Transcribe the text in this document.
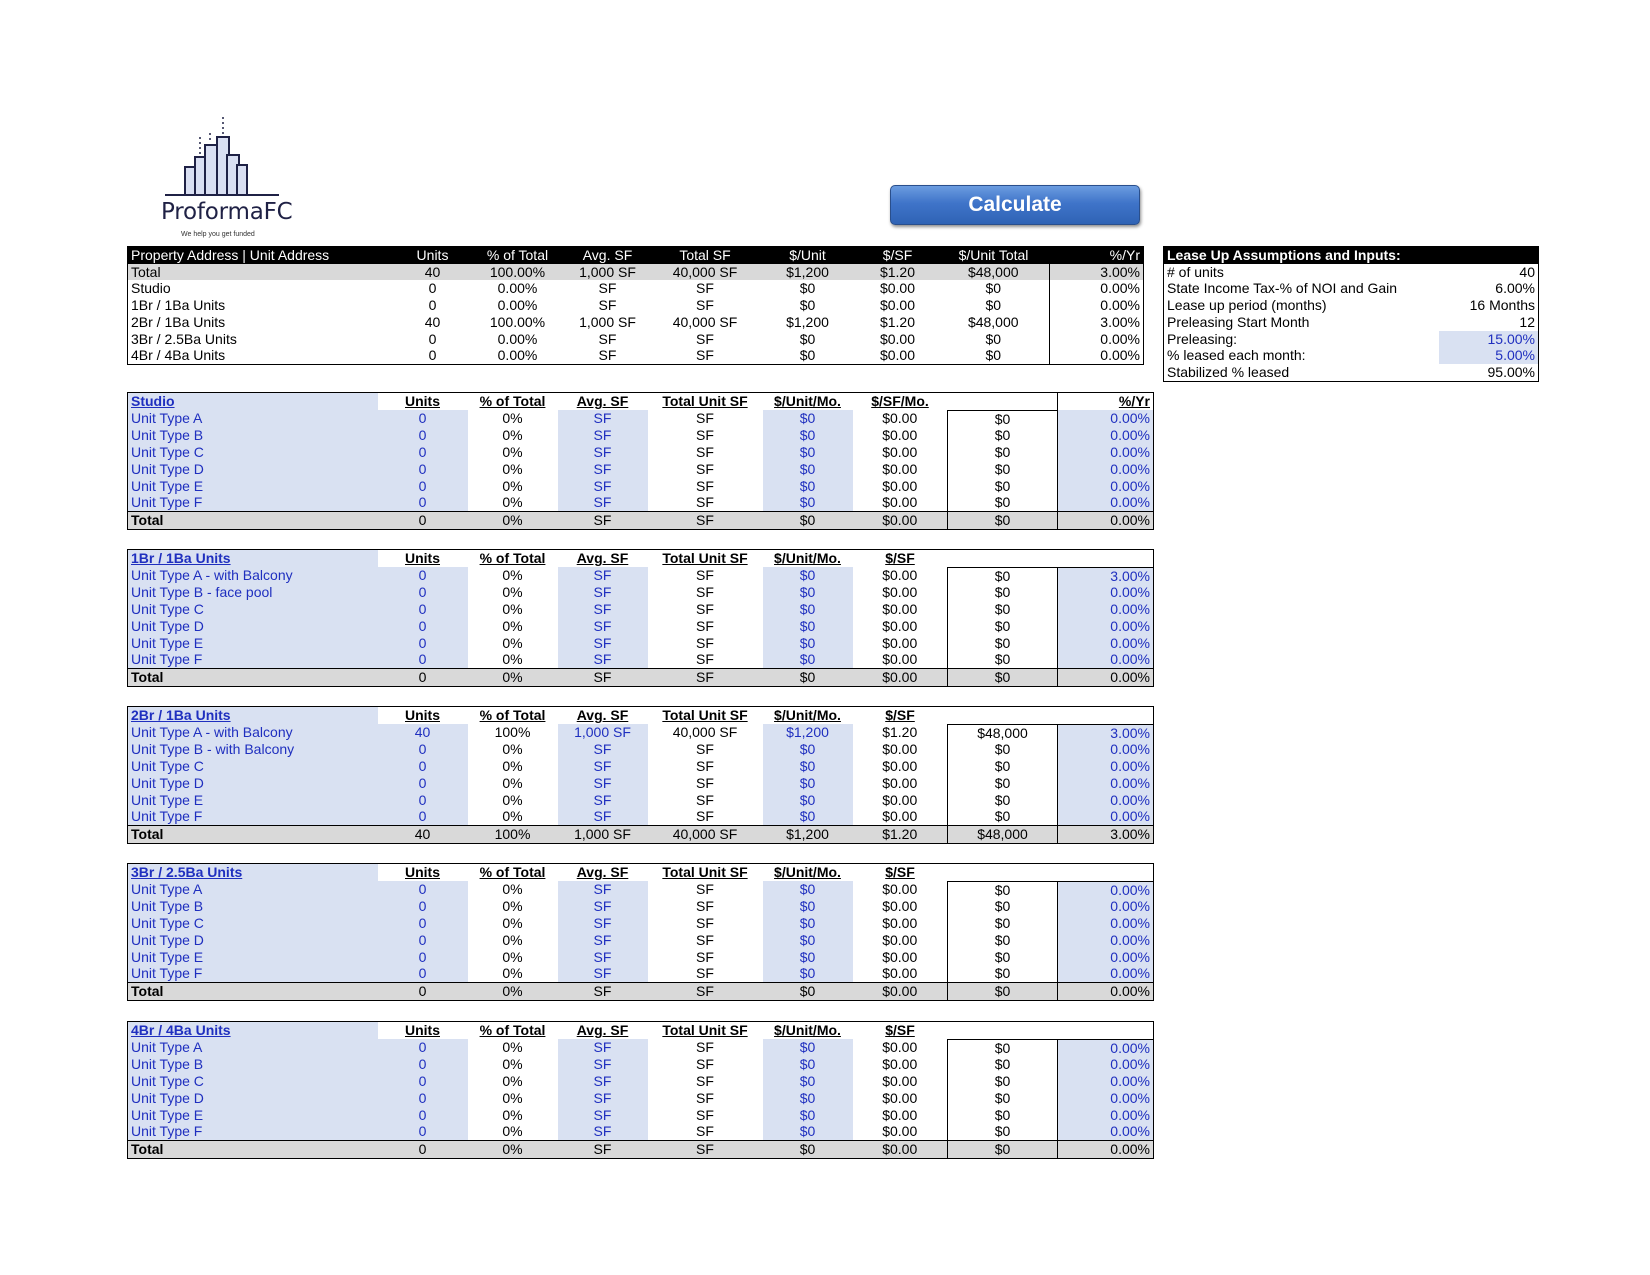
ProformaFC
We help you get funded
Calculate
Property Address | Unit Address	Units	% of Total	Avg. SF	Total SF	$/Unit	$/SF	$/Unit Total	%/Yr
Total	40	100.00%	1,000 SF	40,000 SF	$1,200	$1.20	$48,000	3.00%
Studio	0	0.00%	SF	SF	$0	$0.00	$0	0.00%
1Br / 1Ba Units	0	0.00%	SF	SF	$0	$0.00	$0	0.00%
2Br / 1Ba Units	40	100.00%	1,000 SF	40,000 SF	$1,200	$1.20	$48,000	3.00%
3Br / 2.5Ba Units	0	0.00%	SF	SF	$0	$0.00	$0	0.00%
4Br / 4Ba Units	0	0.00%	SF	SF	$0	$0.00	$0	0.00%
Lease Up Assumptions and Inputs:	
# of units	40
State Income Tax-% of NOI and Gain	6.00%
Lease up period (months)	16 Months
Preleasing Start Month	12
Preleasing:	15.00%
% leased each month:	5.00%
Stabilized % leased	95.00%
Studio	Units	% of Total	Avg. SF	Total Unit SF	$/Unit/Mo.	$/SF/Mo.		%/Yr
Unit Type A	0	0%	SF	SF	$0	$0.00	$0	0.00%
Unit Type B	0	0%	SF	SF	$0	$0.00	$0	0.00%
Unit Type C	0	0%	SF	SF	$0	$0.00	$0	0.00%
Unit Type D	0	0%	SF	SF	$0	$0.00	$0	0.00%
Unit Type E	0	0%	SF	SF	$0	$0.00	$0	0.00%
Unit Type F	0	0%	SF	SF	$0	$0.00	$0	0.00%
Total	0	0%	SF	SF	$0	$0.00	$0	0.00%
1Br / 1Ba Units	Units	% of Total	Avg. SF	Total Unit SF	$/Unit/Mo.	$/SF		
Unit Type A - with Balcony	0	0%	SF	SF	$0	$0.00	$0	3.00%
Unit Type B - face pool	0	0%	SF	SF	$0	$0.00	$0	0.00%
Unit Type C	0	0%	SF	SF	$0	$0.00	$0	0.00%
Unit Type D	0	0%	SF	SF	$0	$0.00	$0	0.00%
Unit Type E	0	0%	SF	SF	$0	$0.00	$0	0.00%
Unit Type F	0	0%	SF	SF	$0	$0.00	$0	0.00%
Total	0	0%	SF	SF	$0	$0.00	$0	0.00%
2Br / 1Ba Units	Units	% of Total	Avg. SF	Total Unit SF	$/Unit/Mo.	$/SF		
Unit Type A - with Balcony	40	100%	1,000 SF	40,000 SF	$1,200	$1.20	$48,000	3.00%
Unit Type B - with Balcony	0	0%	SF	SF	$0	$0.00	$0	0.00%
Unit Type C	0	0%	SF	SF	$0	$0.00	$0	0.00%
Unit Type D	0	0%	SF	SF	$0	$0.00	$0	0.00%
Unit Type E	0	0%	SF	SF	$0	$0.00	$0	0.00%
Unit Type F	0	0%	SF	SF	$0	$0.00	$0	0.00%
Total	40	100%	1,000 SF	40,000 SF	$1,200	$1.20	$48,000	3.00%
3Br / 2.5Ba Units	Units	% of Total	Avg. SF	Total Unit SF	$/Unit/Mo.	$/SF		
Unit Type A	0	0%	SF	SF	$0	$0.00	$0	0.00%
Unit Type B	0	0%	SF	SF	$0	$0.00	$0	0.00%
Unit Type C	0	0%	SF	SF	$0	$0.00	$0	0.00%
Unit Type D	0	0%	SF	SF	$0	$0.00	$0	0.00%
Unit Type E	0	0%	SF	SF	$0	$0.00	$0	0.00%
Unit Type F	0	0%	SF	SF	$0	$0.00	$0	0.00%
Total	0	0%	SF	SF	$0	$0.00	$0	0.00%
4Br / 4Ba Units	Units	% of Total	Avg. SF	Total Unit SF	$/Unit/Mo.	$/SF		
Unit Type A	0	0%	SF	SF	$0	$0.00	$0	0.00%
Unit Type B	0	0%	SF	SF	$0	$0.00	$0	0.00%
Unit Type C	0	0%	SF	SF	$0	$0.00	$0	0.00%
Unit Type D	0	0%	SF	SF	$0	$0.00	$0	0.00%
Unit Type E	0	0%	SF	SF	$0	$0.00	$0	0.00%
Unit Type F	0	0%	SF	SF	$0	$0.00	$0	0.00%
Total	0	0%	SF	SF	$0	$0.00	$0	0.00%
